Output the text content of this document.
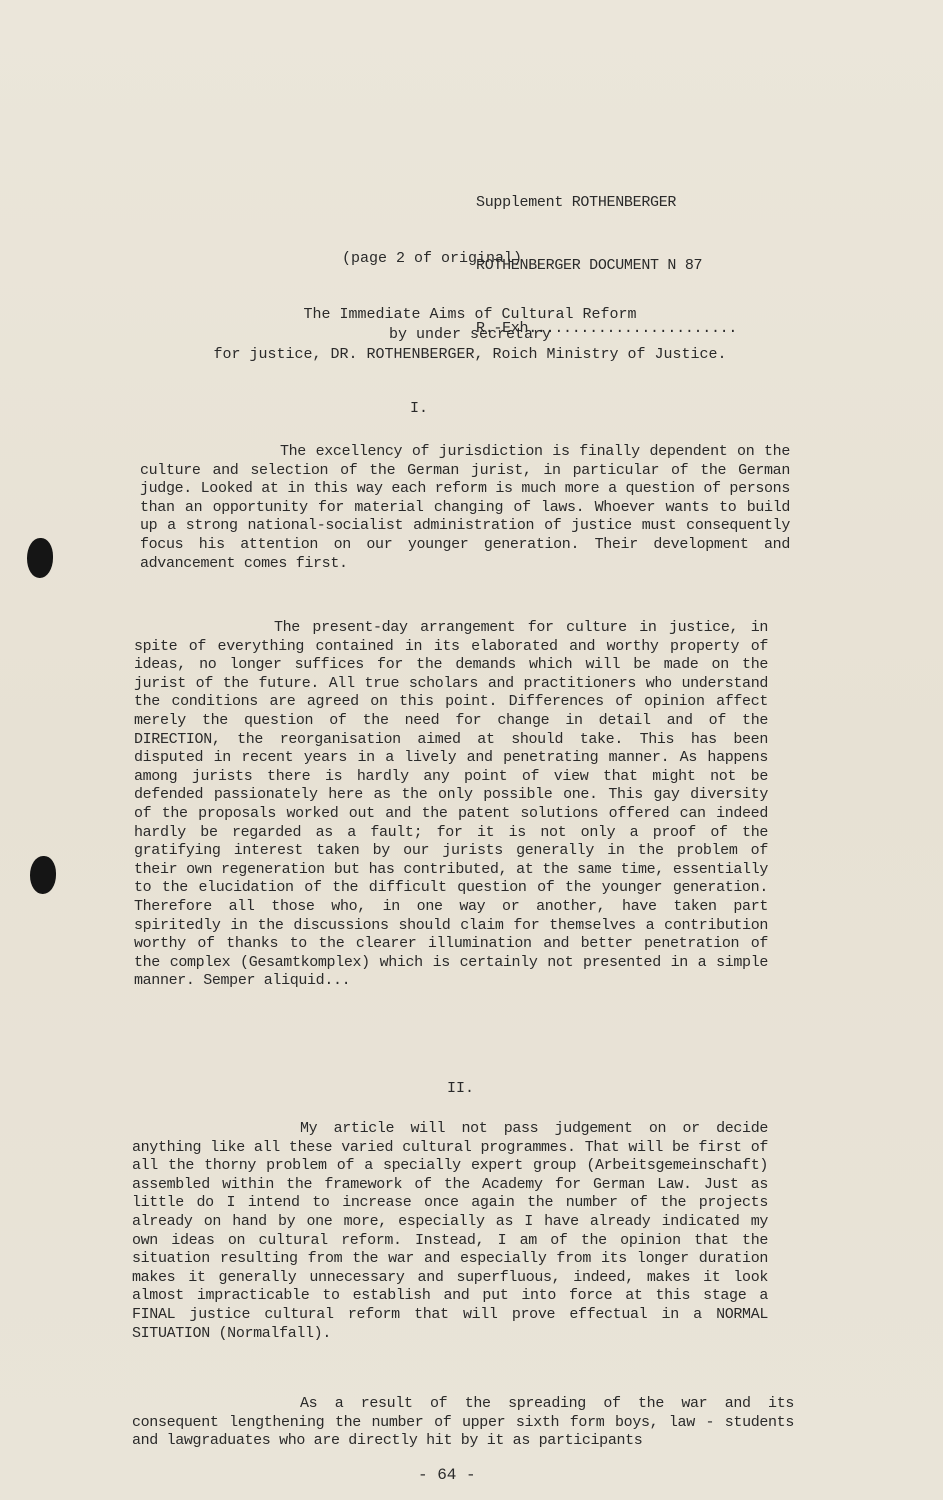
Supplement ROTHENBERGER

ROTHENBERGER DOCUMENT N 87

R.-Exh........................

(page 2 of original)
The Immediate Aims of Cultural Reform
by under secretary
for justice, DR. ROTHENBERGER, Roich Ministry of Justice.
I.
The excellency of jurisdiction is finally dependent on the culture and selection of the German jurist, in particular of the German judge. Looked at in this way each reform is much more a question of persons than an opportunity for material changing of laws. Whoever wants to build up a strong national-socialist administration of justice must consequently focus his attention on our younger generation. Their development and advancement comes first.
The present-day arrangement for culture in justice, in spite of everything contained in its elaborated and worthy property of ideas, no longer suffices for the demands which will be made on the jurist of the future. All true scholars and practitioners who understand the conditions are agreed on this point. Differences of opinion affect merely the question of the need for change in detail and of the DIRECTION, the reorganisation aimed at should take. This has been disputed in recent years in a lively and penetrating manner. As happens among jurists there is hardly any point of view that might not be defended passionately here as the only possible one. This gay diversity of the proposals worked out and the patent solutions offered can indeed hardly be regarded as a fault; for it is not only a proof of the gratifying interest taken by our jurists generally in the problem of their own regeneration but has contributed, at the same time, essentially to the elucidation of the difficult question of the younger generation. Therefore all those who, in one way or another, have taken part spiritedly in the discussions should claim for themselves a contribution worthy of thanks to the clearer illumination and better penetration of the complex (Gesamtkomplex) which is certainly not presented in a simple manner. Semper aliquid...
II.
My article will not pass judgement on or decide anything like all these varied cultural programmes. That will be first of all the thorny problem of a specially expert group (Arbeitsgemeinschaft) assembled within the framework of the Academy for German Law. Just as little do I intend to increase once again the number of the projects already on hand by one more, especially as I have already indicated my own ideas on cultural reform. Instead, I am of the opinion that the situation resulting from the war and especially from its longer duration makes it generally unnecessary and superfluous, indeed, makes it look almost impracticable to establish and put into force at this stage a FINAL justice cultural reform that will prove effectual in a NORMAL SITUATION (Normalfall).
As a result of the spreading of the war and its consequent lengthening the number of upper sixth form boys, law - students and lawgraduates who are directly hit by it as participants
- 64 -
